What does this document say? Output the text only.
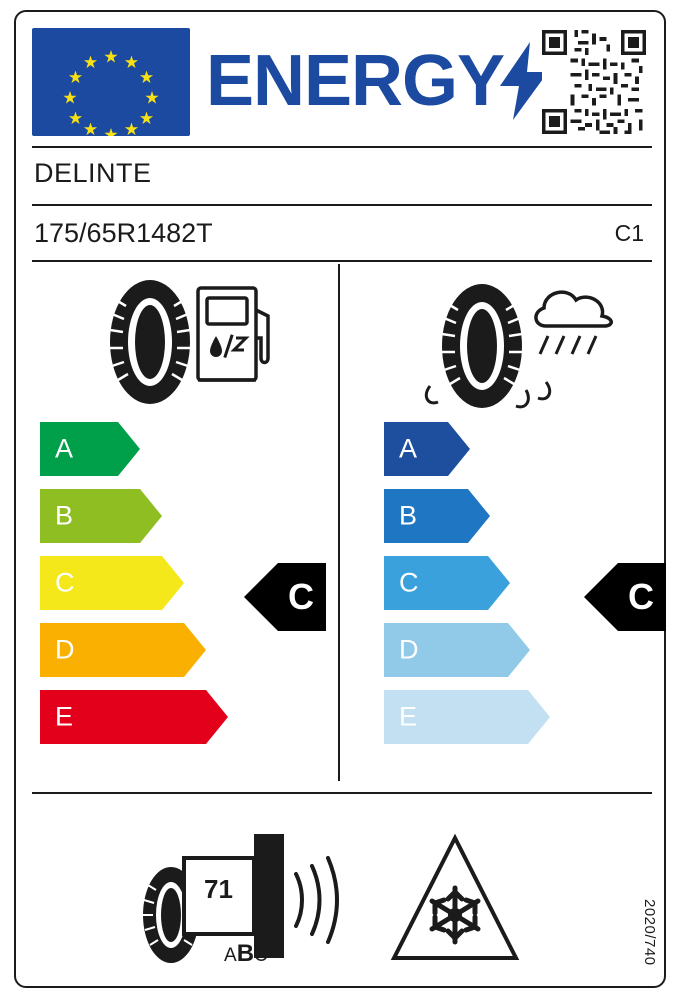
ENERGY
DELINTE
175/65R1482T	C1
A
B
C
D
E
C
A
B
C
D
E
C
71 dB
ABC	2020/740
